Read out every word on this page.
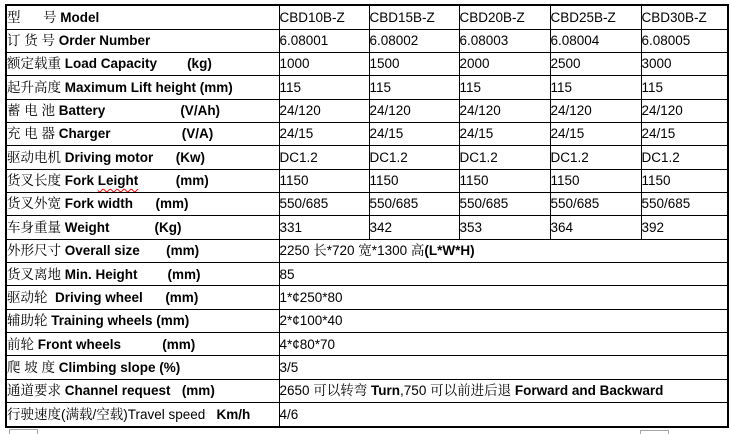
型      号 Model	CBD10B-Z	CBD15B-Z	CBD20B-Z	CBD25B-Z	CBD30B-Z
订 货 号 Order Number	6.08001	6.08002	6.08003	6.08004	6.08005
额定载重 Load Capacity (kg)	1000	1500	2000	2500	3000
起升高度 Maximum Lift height (mm)	115	115	115	115	115
蓄 电 池 Battery (V/Ah)	24/120	24/120	24/120	24/120	24/120
充 电 器 Charger (V/A)	24/15	24/15	24/15	24/15	24/15
驱动电机 Driving motor (Kw)	DC1.2	DC1.2	DC1.2	DC1.2	DC1.2
货叉长度 Fork Leight (mm)	1150	1150	1150	1150	1150
货叉外宽 Fork width (mm)	550/685	550/685	550/685	550/685	550/685
车身重量 Weight (Kg)	331	342	353	364	392
外形尺寸 Overall size (mm)	2250 长*720 宽*1300 高(L*W*H)				
货叉离地 Min. Height (mm)	85				
驱动轮  Driving wheel (mm)	1*¢250*80				
辅助轮 Training wheels (mm)	2*¢100*40				
前轮 Front wheels (mm)	4*¢80*70				
爬 坡 度 Climbing slope (%)	3/5				
通道要求 Channel request (mm)	2650 可以转弯 Turn,750 可以前进后退 Forward and Backward				
行驶速度(满载/空载)Travel speed   Km/h	4/6				
